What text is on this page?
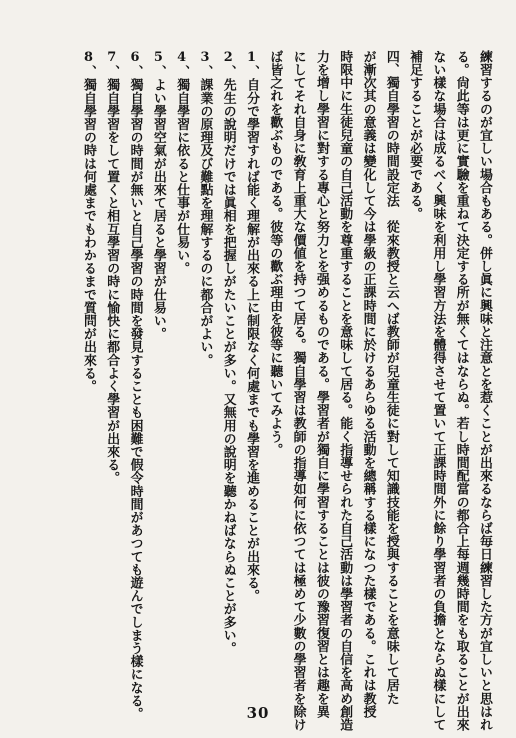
練習するのが宜しい場合もある。併し眞に興味と注意とを惹くことが出來るならば毎日練習した方が宜しいと思はれ
る。尙此等は更に實驗を重ねて決定する所が無くてはならぬ。若し時間配當の都合上每週幾時間をも取ることが出來
ない樣な場合は成るべく興味を利用し學習方法を體得させて置いて正課時間外に餘り學習者の負擔とならぬ樣にして
補足することが必要である。
四、獨自學習の時間設定法　從來教授と云へば教師が兒童生徒に對して知識技能を授與することを意味して居た
が漸次其の意義は變化して今は學級の正課時間に於けるあらゆる活動を總稱する樣になつた樣である。これは教授
時限中に生徒兒童の自己活動を尊重することを意味して居る。能く指導せられた自己活動は學習者の自信を高め創造
力を增し學習に對する專心と努力とを强めるものである。學習者が獨自に學習することは彼の豫習復習とは趣を異
にしてそれ自身に敎育上重大な價値を持つて居る。獨自學習は教師の指導如何に依つては極めて少數の學習者を除け
ば皆之れを歡ぶものである。彼等の歡ぶ理由を彼等に聽いてみよう。
1、自分で學習すれば能く理解が出來る上に制限なく何處までも學習を進めることが出來る。
2、先生の說明だけでは眞相を把握しがたいことが多い。又無用の說明を聽かねばならぬことが多い。
3、課業の原理及び難點を理解するのに都合がよい。
4、獨自學習に依ると仕事が仕易い。
5、よい學習空氣が出來て居ると學習が仕易い。
6、獨自學習の時間が無いと自己學習の時間を發見することも困難で假令時間があつても遊んでしまう樣になる。
7、獨自學習をして置くと相互學習の時に愉快に都合よく學習が出來る。
8、獨自學習の時は何處までもわかるまで質問が出來る。
30
